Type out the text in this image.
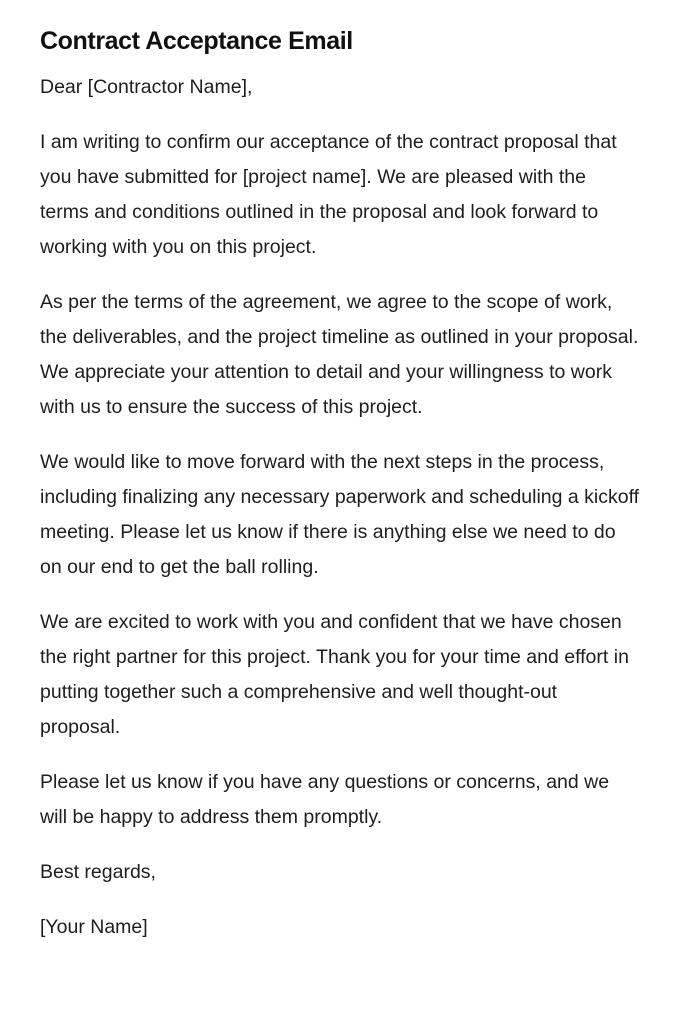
Contract Acceptance Email

Dear [Contractor Name],

I am writing to confirm our acceptance of the contract proposal that you have submitted for [project name]. We are pleased with the terms and conditions outlined in the proposal and look forward to working with you on this project.

As per the terms of the agreement, we agree to the scope of work, the deliverables, and the project timeline as outlined in your proposal. We appreciate your attention to detail and your willingness to work with us to ensure the success of this project.

We would like to move forward with the next steps in the process, including finalizing any necessary paperwork and scheduling a kickoff meeting. Please let us know if there is anything else we need to do on our end to get the ball rolling.

We are excited to work with you and confident that we have chosen the right partner for this project. Thank you for your time and effort in putting together such a comprehensive and well thought-out proposal.

Please let us know if you have any questions or concerns, and we will be happy to address them promptly.

Best regards,

[Your Name]
